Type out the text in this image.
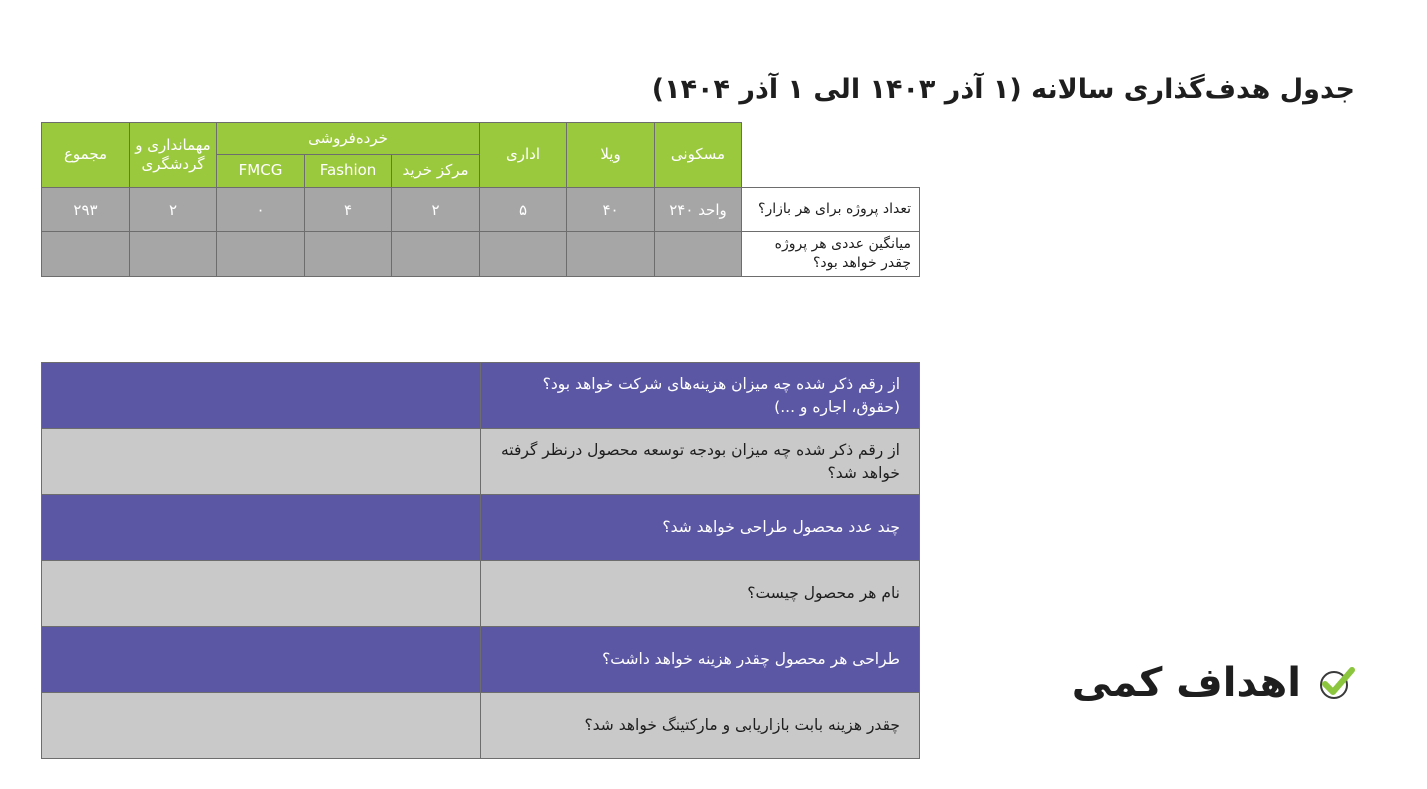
جدول هدف‌گذاری سالانه (۱ آذر ۱۴۰۳ الی ۱ آذر ۱۴۰۴)
مجموع	مهمانداری و گردشگری	خرده‌فروشی			اداری	ویلا	مسکونی	
		FMCG	Fashion	مرکز خرید				
۲۹۳	۲	۰	۴	۲	۵	۴۰	۲۴۰ واحد	تعداد پروژه برای هر بازار؟
								میانگین عددی هر پروژه چقدر خواهد بود؟
	از رقم ذکر شده چه میزان هزینه‌های شرکت خواهد بود؟ (حقوق، اجاره و ...)
	از رقم ذکر شده چه میزان بودجه توسعه محصول درنظر گرفته خواهد شد؟
	چند عدد محصول طراحی خواهد شد؟
	نام هر محصول چیست؟
	طراحی هر محصول چقدر هزینه خواهد داشت؟
	چقدر هزینه بابت بازاریابی و مارکتینگ خواهد شد؟
اهداف کمی
